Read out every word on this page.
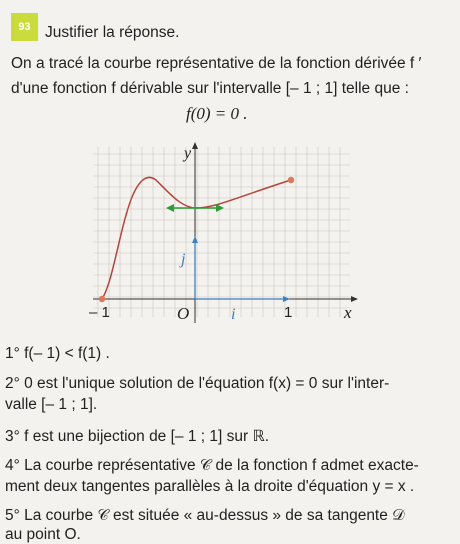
93 Justifier la réponse.
On a tracé la courbe représentative de la fonction dérivée f ′
d'une fonction f dérivable sur l'intervalle [– 1 ; 1] telle que :
f(0) = 0 .
y
x
O
– 1	1
i⃗
j⃗
1° f(– 1) < f(1) .
2° 0 est l'unique solution de l'équation f(x) = 0 sur l'inter-
valle [– 1 ; 1].
3° f est une bijection de [– 1 ; 1] sur ℝ.
4° La courbe représentative 𝒞 de la fonction f admet exacte-
ment deux tangentes parallèles à la droite d'équation y = x .
5° La courbe 𝒞 est située « au-dessus » de sa tangente 𝒟
au point O.
